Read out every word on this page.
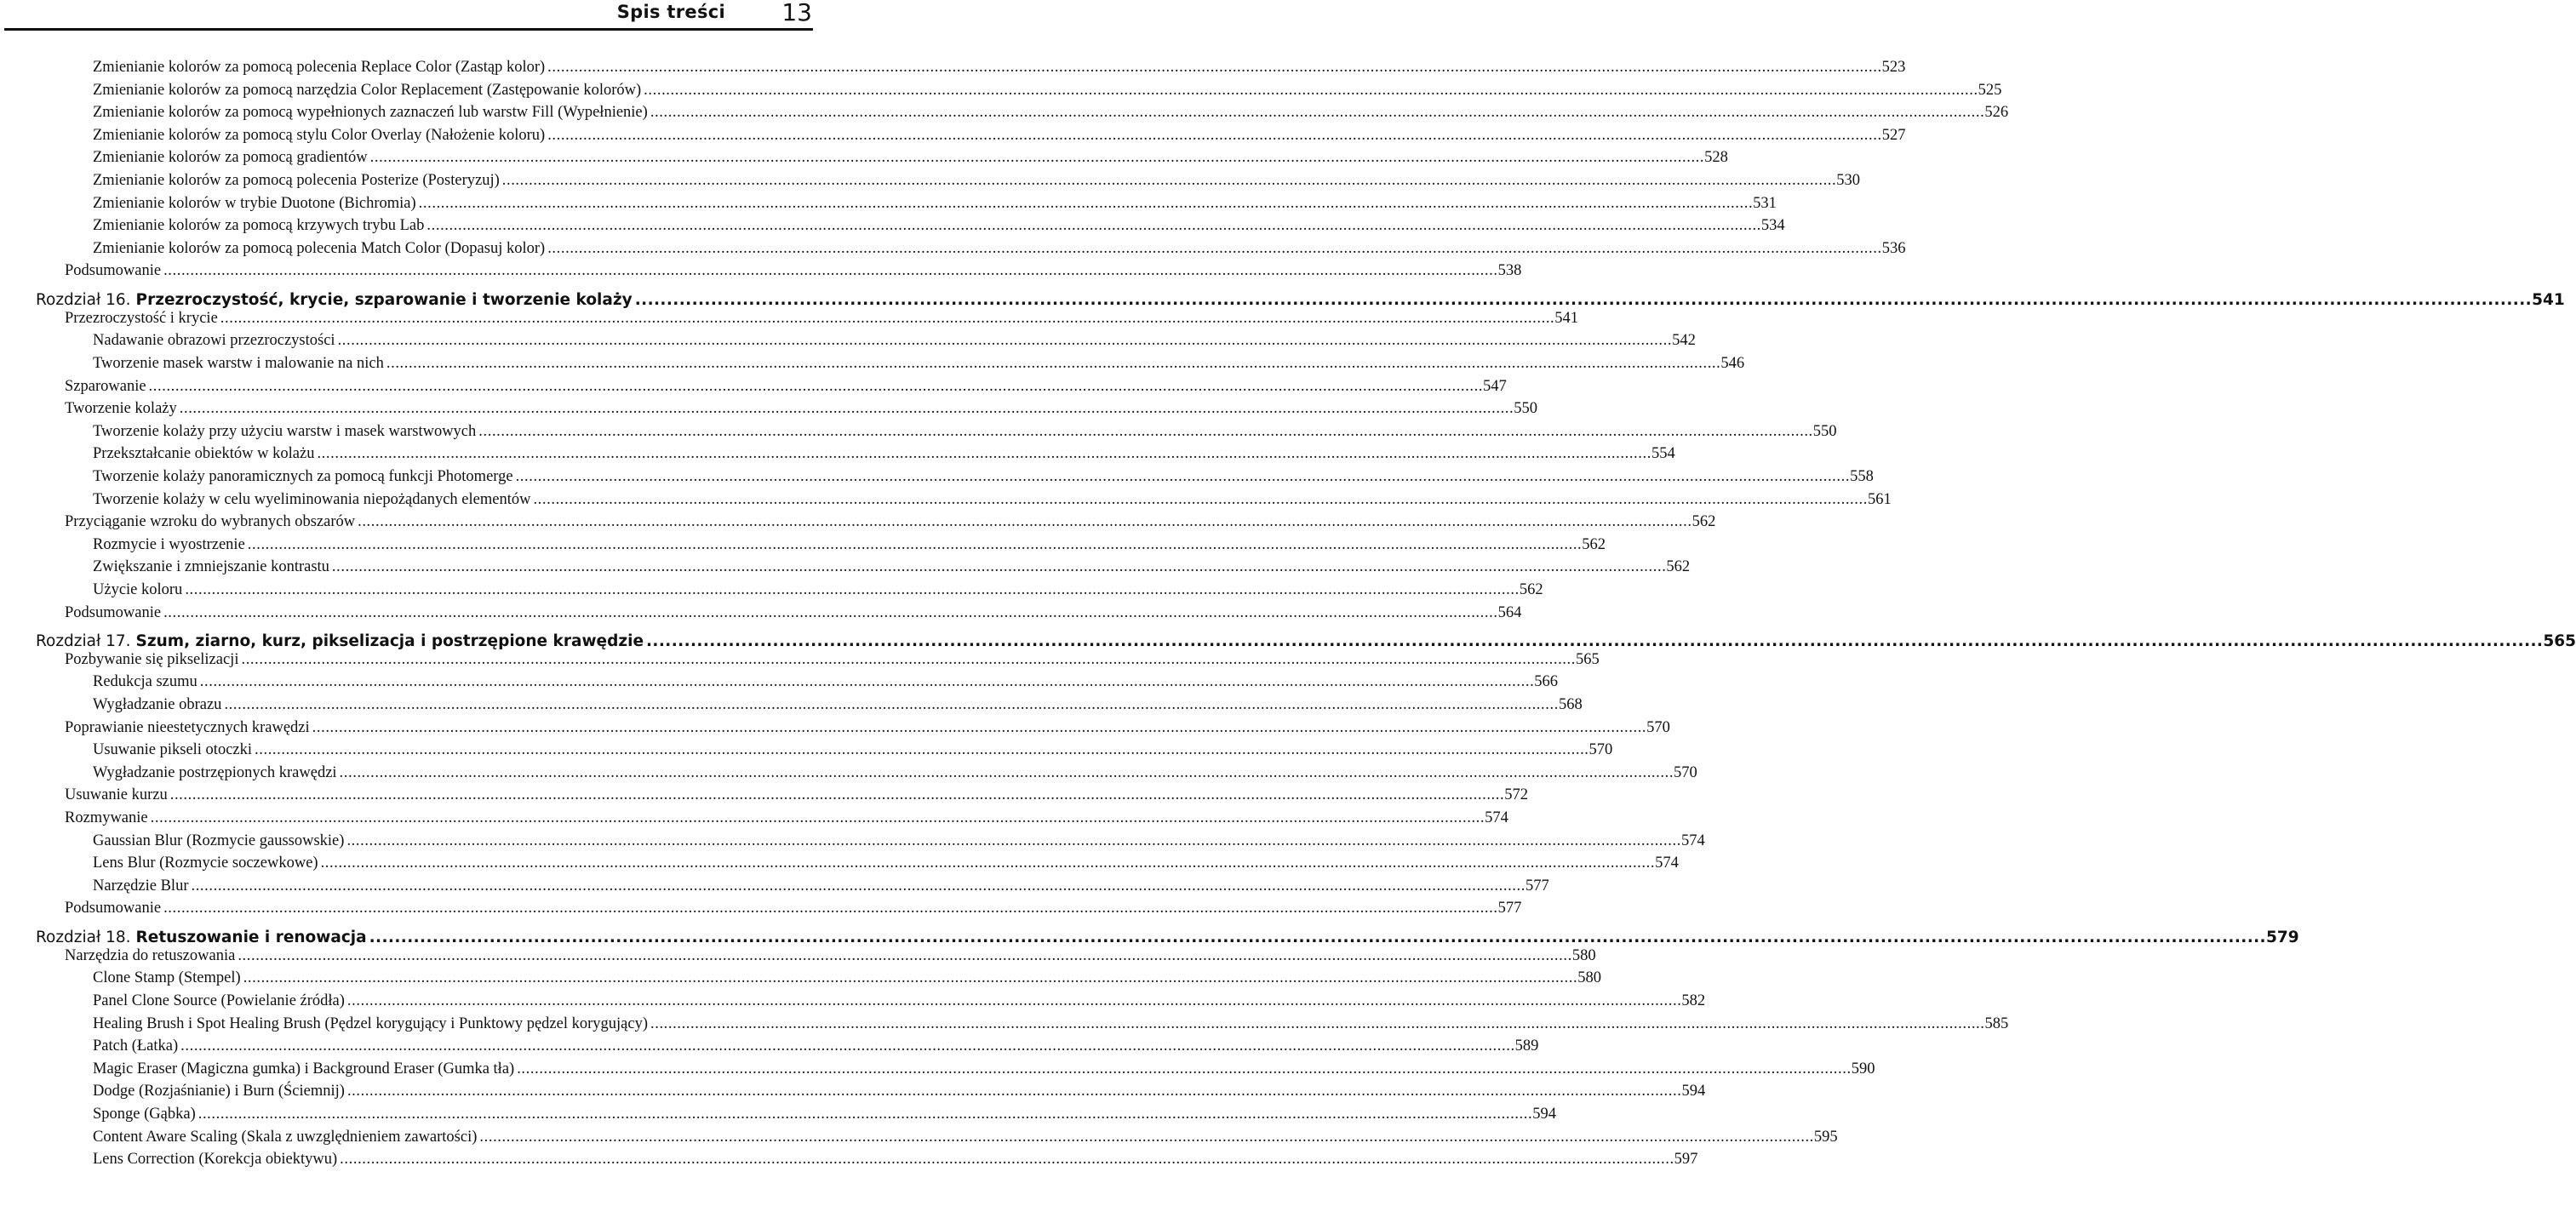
Spis treści 13
Zmienianie kolorów za pomocą polecenia Replace Color (Zastąp kolor) ............................................................................................................................................................................................................................................................................................................ 523
Zmienianie kolorów za pomocą narzędzia Color Replacement (Zastępowanie kolorów) ............................................................................................................................................................................................................................................................................................................ 525
Zmienianie kolorów za pomocą wypełnionych zaznaczeń lub warstw Fill (Wypełnienie) ............................................................................................................................................................................................................................................................................................................ 526
Zmienianie kolorów za pomocą stylu Color Overlay (Nałożenie koloru) ............................................................................................................................................................................................................................................................................................................ 527
Zmienianie kolorów za pomocą gradientów ............................................................................................................................................................................................................................................................................................................ 528
Zmienianie kolorów za pomocą polecenia Posterize (Posteryzuj) ............................................................................................................................................................................................................................................................................................................ 530
Zmienianie kolorów w trybie Duotone (Bichromia) ............................................................................................................................................................................................................................................................................................................ 531
Zmienianie kolorów za pomocą krzywych trybu Lab ............................................................................................................................................................................................................................................................................................................ 534
Zmienianie kolorów za pomocą polecenia Match Color (Dopasuj kolor) ............................................................................................................................................................................................................................................................................................................ 536
Podsumowanie ............................................................................................................................................................................................................................................................................................................ 538
Rozdział 16. Przezroczystość, krycie, szparowanie i tworzenie kolaży ............................................................................................................................................................................................................................................................................................................ 541
Przezroczystość i krycie ............................................................................................................................................................................................................................................................................................................ 541
Nadawanie obrazowi przezroczystości ............................................................................................................................................................................................................................................................................................................ 542
Tworzenie masek warstw i malowanie na nich ............................................................................................................................................................................................................................................................................................................ 546
Szparowanie ............................................................................................................................................................................................................................................................................................................ 547
Tworzenie kolaży ............................................................................................................................................................................................................................................................................................................ 550
Tworzenie kolaży przy użyciu warstw i masek warstwowych ............................................................................................................................................................................................................................................................................................................ 550
Przekształcanie obiektów w kolażu ............................................................................................................................................................................................................................................................................................................ 554
Tworzenie kolaży panoramicznych za pomocą funkcji Photomerge ............................................................................................................................................................................................................................................................................................................ 558
Tworzenie kolaży w celu wyeliminowania niepożądanych elementów ............................................................................................................................................................................................................................................................................................................ 561
Przyciąganie wzroku do wybranych obszarów ............................................................................................................................................................................................................................................................................................................ 562
Rozmycie i wyostrzenie ............................................................................................................................................................................................................................................................................................................ 562
Zwiększanie i zmniejszanie kontrastu ............................................................................................................................................................................................................................................................................................................ 562
Użycie koloru ............................................................................................................................................................................................................................................................................................................ 562
Podsumowanie ............................................................................................................................................................................................................................................................................................................ 564
Rozdział 17. Szum, ziarno, kurz, pikselizacja i postrzępione krawędzie ............................................................................................................................................................................................................................................................................................................ 565
Pozbywanie się pikselizacji ............................................................................................................................................................................................................................................................................................................ 565
Redukcja szumu ............................................................................................................................................................................................................................................................................................................ 566
Wygładzanie obrazu ............................................................................................................................................................................................................................................................................................................ 568
Poprawianie nieestetycznych krawędzi ............................................................................................................................................................................................................................................................................................................ 570
Usuwanie pikseli otoczki ............................................................................................................................................................................................................................................................................................................ 570
Wygładzanie postrzępionych krawędzi ............................................................................................................................................................................................................................................................................................................ 570
Usuwanie kurzu ............................................................................................................................................................................................................................................................................................................ 572
Rozmywanie ............................................................................................................................................................................................................................................................................................................ 574
Gaussian Blur (Rozmycie gaussowskie) ............................................................................................................................................................................................................................................................................................................ 574
Lens Blur (Rozmycie soczewkowe) ............................................................................................................................................................................................................................................................................................................ 574
Narzędzie Blur ............................................................................................................................................................................................................................................................................................................ 577
Podsumowanie ............................................................................................................................................................................................................................................................................................................ 577
Rozdział 18. Retuszowanie i renowacja ............................................................................................................................................................................................................................................................................................................ 579
Narzędzia do retuszowania ............................................................................................................................................................................................................................................................................................................ 580
Clone Stamp (Stempel) ............................................................................................................................................................................................................................................................................................................ 580
Panel Clone Source (Powielanie źródła) ............................................................................................................................................................................................................................................................................................................ 582
Healing Brush i Spot Healing Brush (Pędzel korygujący i Punktowy pędzel korygujący) ............................................................................................................................................................................................................................................................................................................ 585
Patch (Łatka) ............................................................................................................................................................................................................................................................................................................ 589
Magic Eraser (Magiczna gumka) i Background Eraser (Gumka tła) ............................................................................................................................................................................................................................................................................................................ 590
Dodge (Rozjaśnianie) i Burn (Ściemnij) ............................................................................................................................................................................................................................................................................................................ 594
Sponge (Gąbka) ............................................................................................................................................................................................................................................................................................................ 594
Content Aware Scaling (Skala z uwzględnieniem zawartości) ............................................................................................................................................................................................................................................................................................................ 595
Lens Correction (Korekcja obiektywu) ............................................................................................................................................................................................................................................................................................................ 597
